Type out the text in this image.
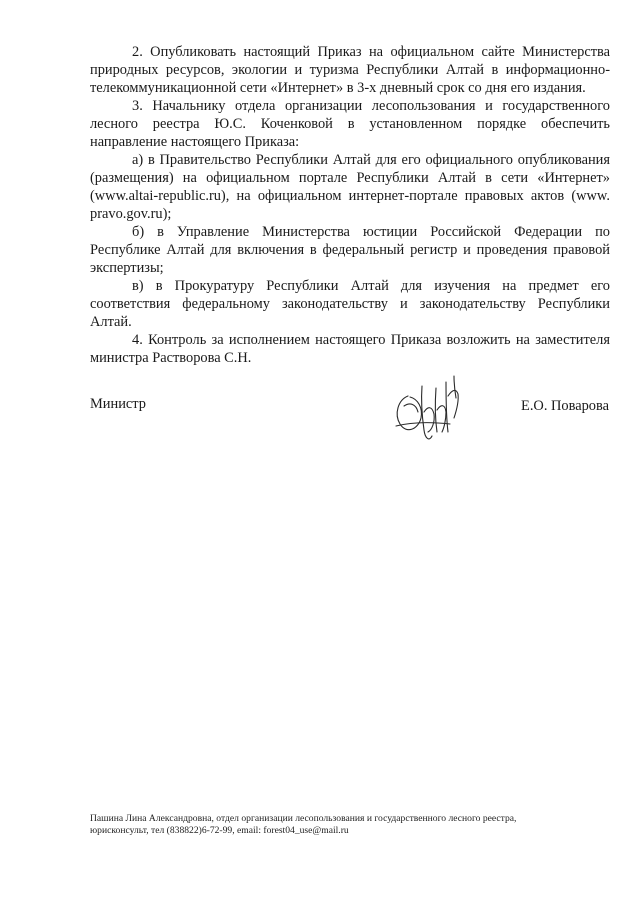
2. Опубликовать настоящий Приказ на официальном сайте Министерства природных ресурсов, экологии и туризма Республики Алтай в информационно-телекоммуникационной сети «Интернет» в 3-х дневный срок со дня его издания.

3. Начальнику отдела организации лесопользования и государственного лесного реестра Ю.С. Коченковой в установленном порядке обеспечить направление настоящего Приказа:

а) в Правительство Республики Алтай для его официального опубликования (размещения) на официальном портале Республики Алтай в сети «Интернет» (www.altai-republic.ru), на официальном интернет-портале правовых актов (www. pravo.gov.ru);

б) в Управление Министерства юстиции Российской Федерации по Республике Алтай для включения в федеральный регистр и проведения правовой экспертизы;

в) в Прокуратуру Республики Алтай для изучения на предмет его соответствия федеральному законодательству и законодательству Республики Алтай.

4. Контроль за исполнением настоящего Приказа возложить на заместителя министра Растворова С.Н.

Министр	Е.О. Поварова

Пашина Лина Александровна, отдел организации лесопользования и государственного лесного реестра,

юрисконсульт, тел (838822)6-72-99, email: forest04_use@mail.ru
